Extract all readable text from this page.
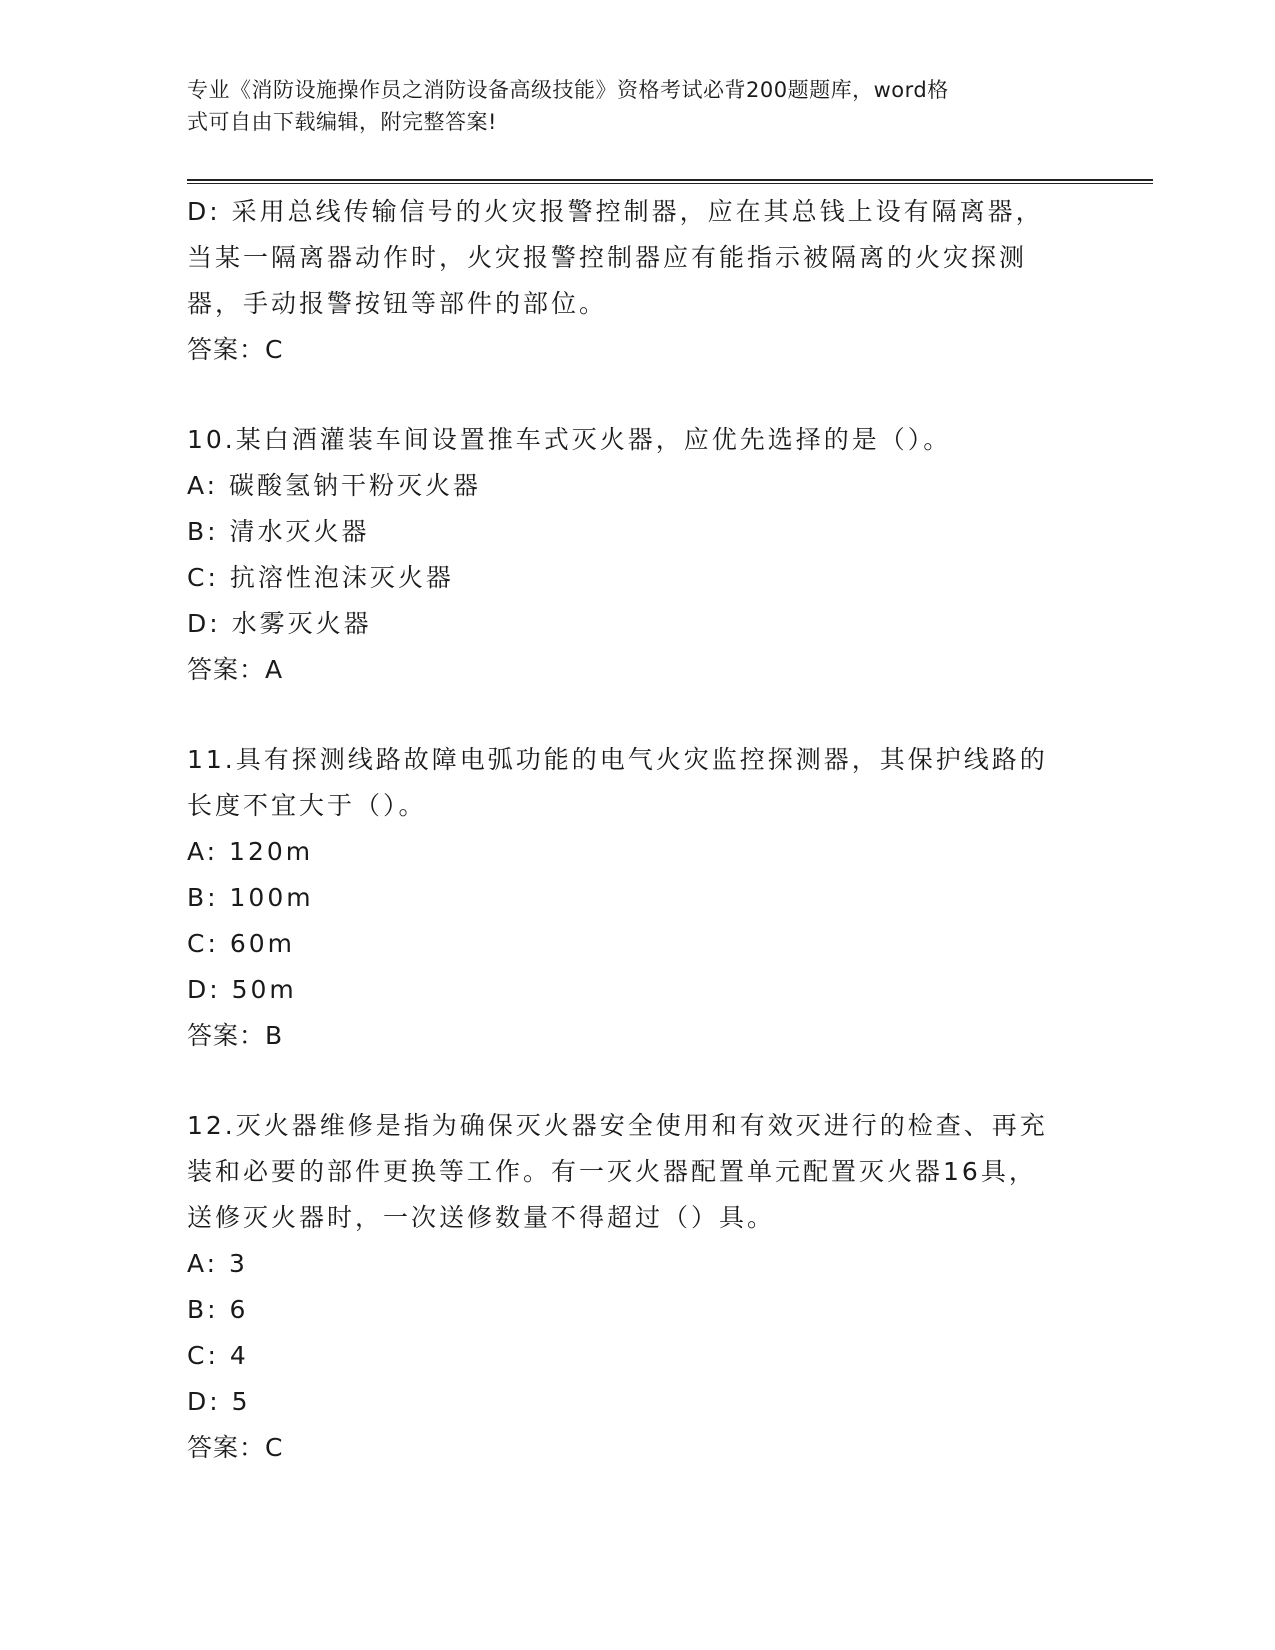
专业《消防设施操作员之消防设备高级技能》资格考试必背200题题库，word格
式可自由下载编辑，附完整答案!
D: 采用总线传输信号的火灾报警控制器，应在其总钱上设有隔离器，
当某一隔离器动作时，火灾报警控制器应有能指示被隔离的火灾探测
器，手动报警按钮等部件的部位。
答案：C
10.某白酒灌装车间设置推车式灭火器，应优先选择的是（）。
A: 碳酸氢钠干粉灭火器
B: 清水灭火器
C: 抗溶性泡沫灭火器
D: 水雾灭火器
答案：A
11.具有探测线路故障电弧功能的电气火灾监控探测器，其保护线路的
长度不宜大于（）。
A: 120m
B: 100m
C: 60m
D: 50m
答案：B
12.灭火器维修是指为确保灭火器安全使用和有效灭进行的检查、再充
装和必要的部件更换等工作。有一灭火器配置单元配置灭火器16具，
送修灭火器时，一次送修数量不得超过（）具。
A: 3
B: 6
C: 4
D: 5
答案：C
